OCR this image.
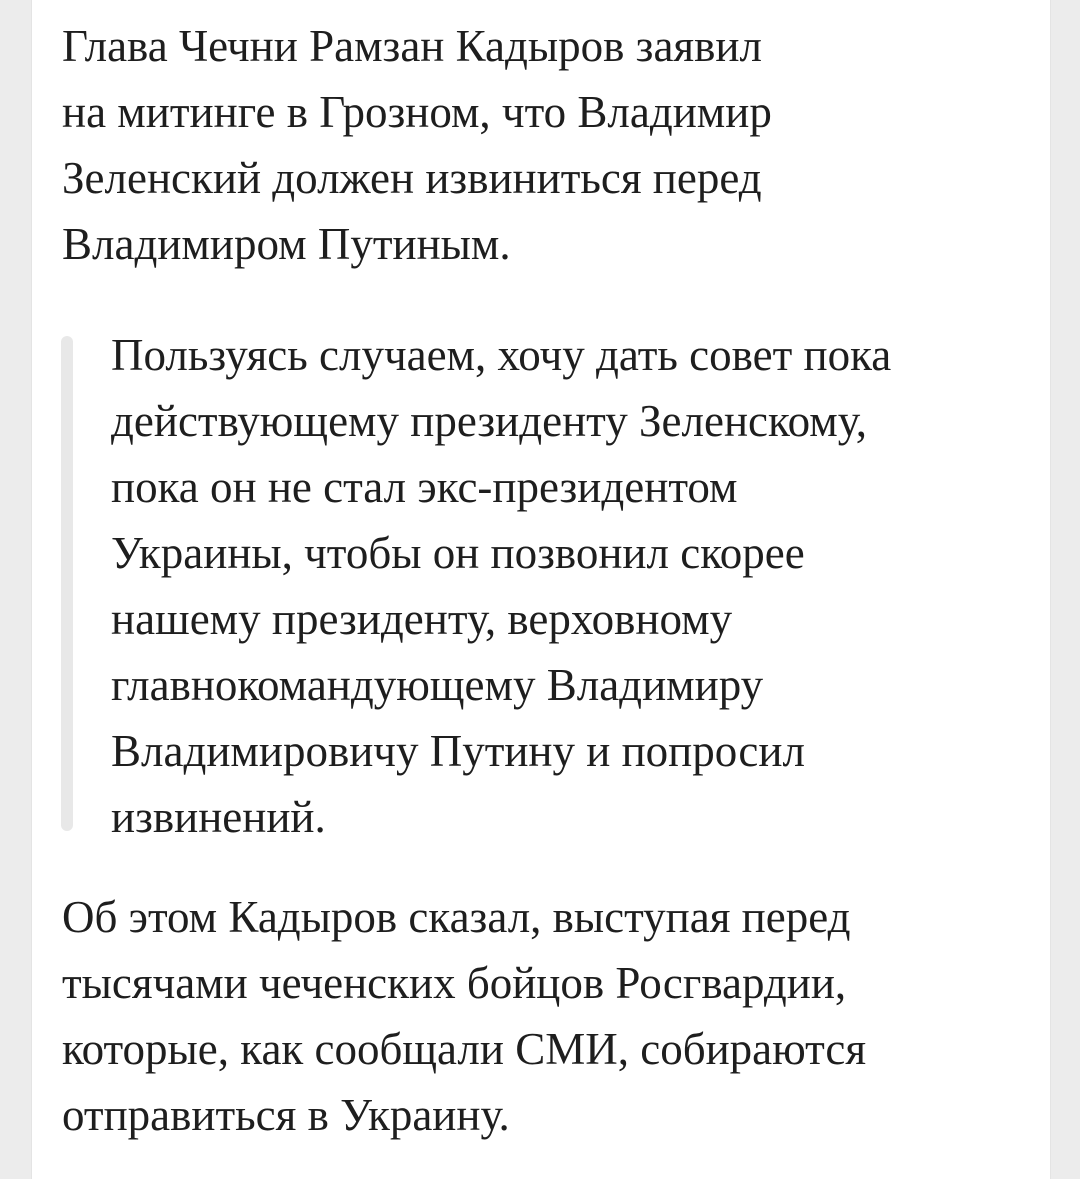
Глава Чечни Рамзан Кадыров заявил
на митинге в Грозном, что Владимир
Зеленский должен извиниться перед
Владимиром Путиным.

Пользуясь случаем, хочу дать совет пока
действующему президенту Зеленскому,
пока он не стал экс-президентом
Украины, чтобы он позвонил скорее
нашему президенту, верховному
главнокомандующему Владимиру
Владимировичу Путину и попросил
извинений.

Об этом Кадыров сказал, выступая перед
тысячами чеченских бойцов Росгвардии,
которые, как сообщали СМИ, собираются
отправиться в Украину.
